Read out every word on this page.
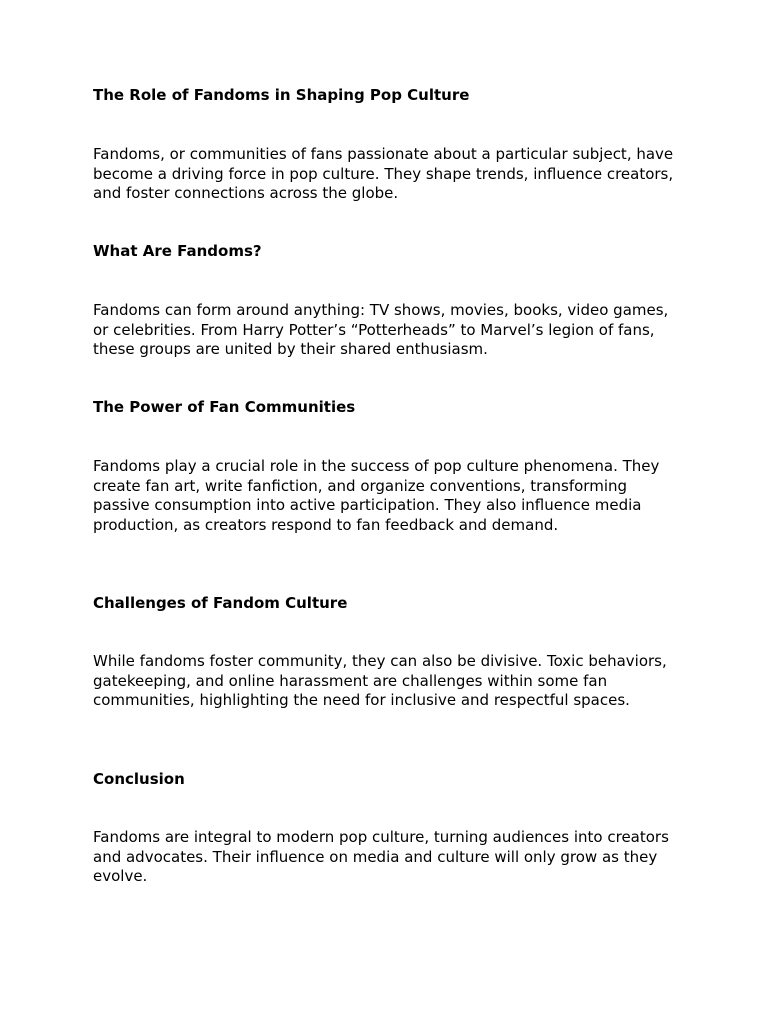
The Role of Fandoms in Shaping Pop Culture

Fandoms, or communities of fans passionate about a particular subject, have become a driving force in pop culture. They shape trends, influence creators, and foster connections across the globe.

What Are Fandoms?

Fandoms can form around anything: TV shows, movies, books, video games, or celebrities. From Harry Potter’s “Potterheads” to Marvel’s legion of fans, these groups are united by their shared enthusiasm.

The Power of Fan Communities

Fandoms play a crucial role in the success of pop culture phenomena. They create fan art, write fanfiction, and organize conventions, transforming passive consumption into active participation. They also influence media production, as creators respond to fan feedback and demand.

Challenges of Fandom Culture

While fandoms foster community, they can also be divisive. Toxic behaviors, gatekeeping, and online harassment are challenges within some fan communities, highlighting the need for inclusive and respectful spaces.

Conclusion

Fandoms are integral to modern pop culture, turning audiences into creators and advocates. Their influence on media and culture will only grow as they evolve.
